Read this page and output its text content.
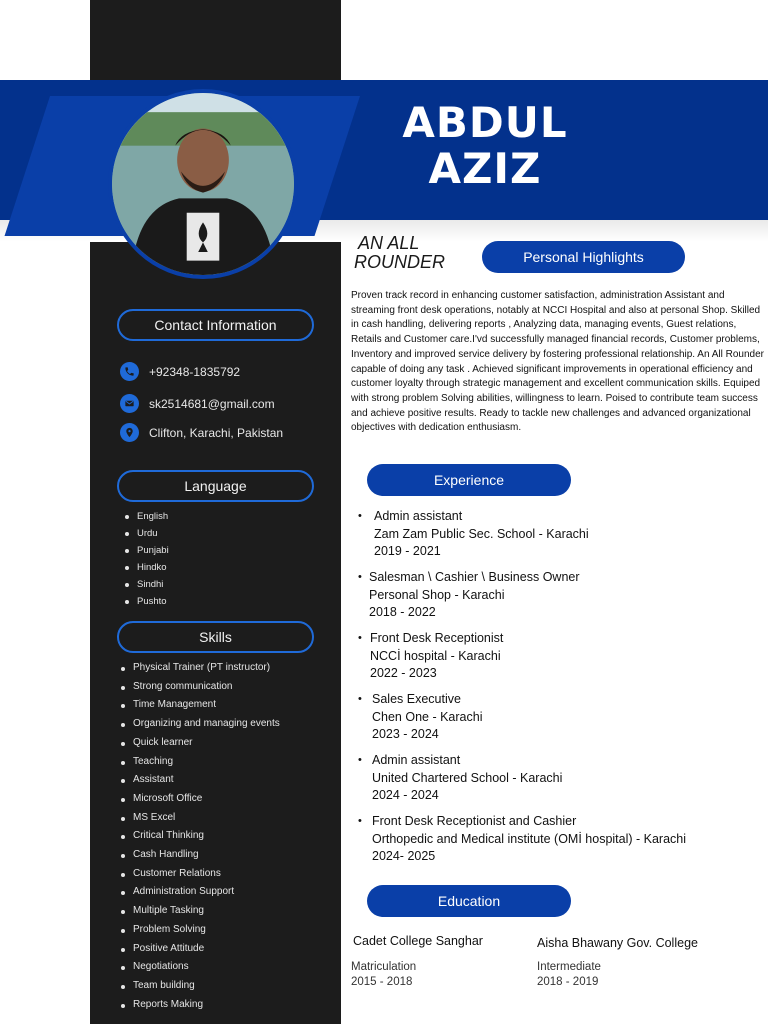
ABDUL
AZIZ
AN ALL
ROUNDER	Personal Highlights
Proven track record in enhancing customer satisfaction, administration Assistant and streaming front desk operations, notably at NCCI Hospital and also at personal Shop. Skilled in cash handling, delivering reports , Analyzing data, managing events, Guest relations, Retails and Customer care.I'vd successfully managed financial records, Customer problems, Inventory and improved service delivery by fostering professional relationship. An All Rounder capable of doing any task . Achieved significant improvements in operational efficiency and customer loyalty through strategic management and excellent communication skills. Equiped with strong problem Solving abilities, willingness to learn. Poised to contribute team success and achieve positive results. Ready to tackle new challenges and advanced organizational objectives with dedication enthusiasm.
Contact Information
+92348-1835792
sk2514681@gmail.com
Clifton, Karachi, Pakistan
Language
English
Urdu
Punjabi
Hindko
Sindhi
Pushto
Skills
Physical Trainer (PT instructor)
Strong communication
Time Management
Organizing and managing events
Quick learner
Teaching
Assistant
Microsoft Office
MS Excel
Critical Thinking
Cash Handling
Customer Relations
Administration Support
Multiple Tasking
Problem Solving
Positive Attitude
Negotiations
Team building
Reports Making
Experience
• Admin assistant
Zam Zam Public Sec. School - Karachi
2019 - 2021
• Salesman \ Cashier \ Business Owner
Personal Shop - Karachi
2018 - 2022
• Front Desk Receptionist
NCCİ hospital - Karachi
2022 - 2023
• Sales Executive
Chen One - Karachi
2023 - 2024
• Admin assistant
United Chartered School - Karachi
2024 - 2024
• Front Desk Receptionist and Cashier
Orthopedic and Medical institute (OMİ hospital) - Karachi
2024- 2025
Education
Cadet College Sanghar
Matriculation
2015 - 2018
Aisha Bhawany Gov. College
Intermediate
2018 - 2019
